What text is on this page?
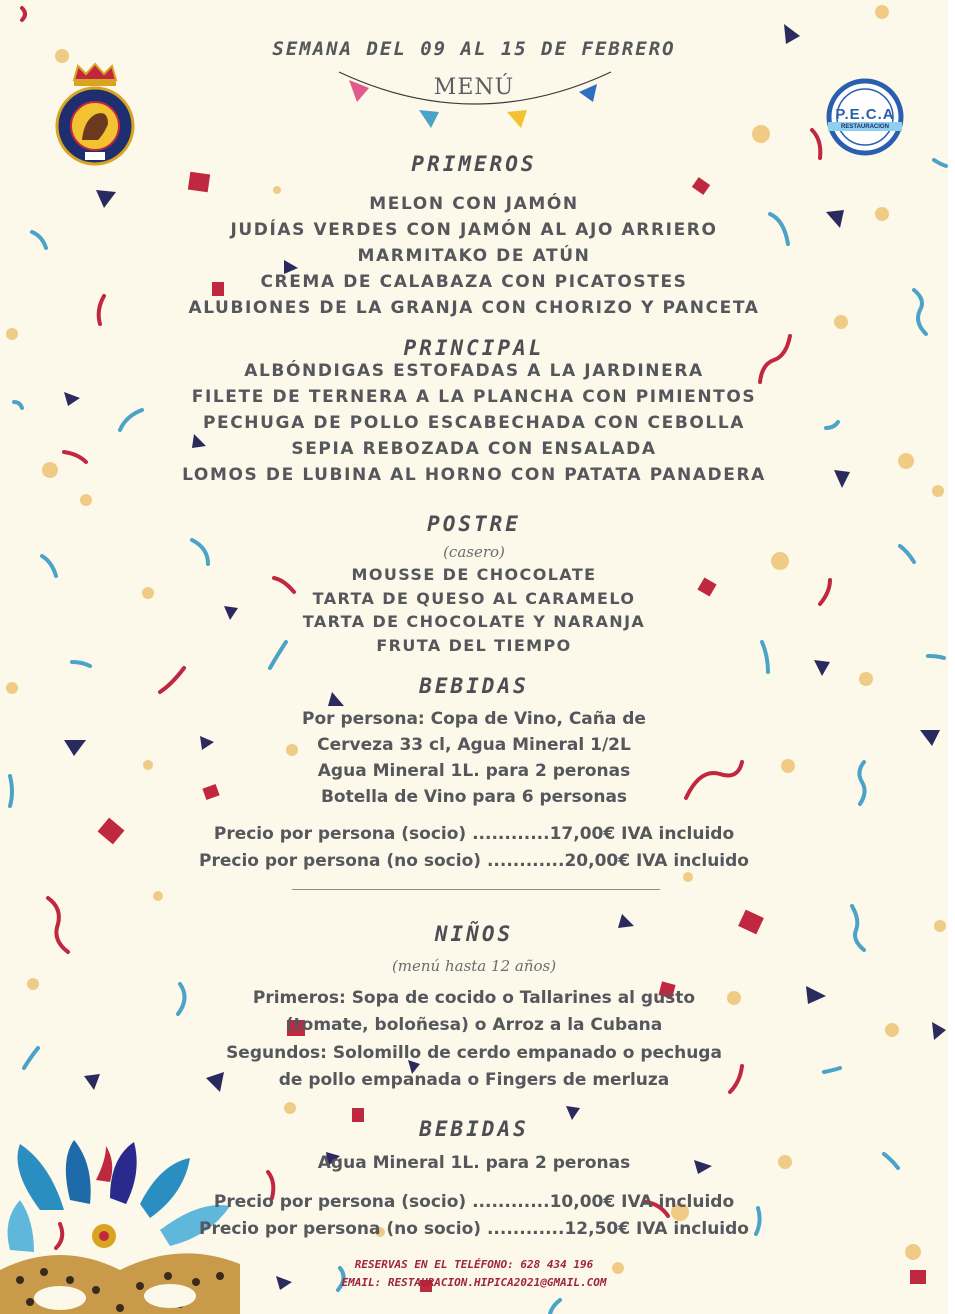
P.E.C.A
RESTAURACION
SEMANA DEL 09 AL 15 DE FEBRERO
MENÚ
PRIMEROS
MELON CON JAMÓN
JUDÍAS VERDES CON JAMÓN AL AJO ARRIERO
MARMITAKO DE ATÚN
CREMA DE CALABAZA CON PICATOSTES
ALUBIONES DE LA GRANJA CON CHORIZO Y PANCETA
PRINCIPAL
ALBÓNDIGAS ESTOFADAS A LA JARDINERA
FILETE DE TERNERA A LA PLANCHA CON PIMIENTOS
PECHUGA DE POLLO ESCABECHADA CON CEBOLLA
SEPIA REBOZADA CON ENSALADA
LOMOS DE LUBINA AL HORNO CON PATATA PANADERA
POSTRE
(casero)
MOUSSE DE CHOCOLATE
TARTA DE QUESO AL CARAMELO
TARTA DE CHOCOLATE Y NARANJA
FRUTA DEL TIEMPO
BEBIDAS
Por persona: Copa de Vino, Caña de
Cerveza 33 cl, Agua Mineral 1/2L
Agua Mineral 1L. para 2 peronas
Botella de Vino para 6 personas
Precio por persona (socio) ............17,00€ IVA incluido
Precio por persona (no socio) ............20,00€ IVA incluido
NIÑOS
(menú hasta 12 años)
Primeros: Sopa de cocido o Tallarines al gusto
(tomate, boloñesa) o Arroz a la Cubana
Segundos: Solomillo de cerdo empanado o pechuga
de pollo empanada o Fingers de merluza
BEBIDAS
Agua Mineral 1L. para 2 peronas
Precio por persona (socio) ............10,00€ IVA incluido
Precio por persona (no socio) ............12,50€ IVA incluido
RESERVAS EN EL TELÉFONO: 628 434 196
EMAIL: RESTAURACION.HIPICA2021@GMAIL.COM
